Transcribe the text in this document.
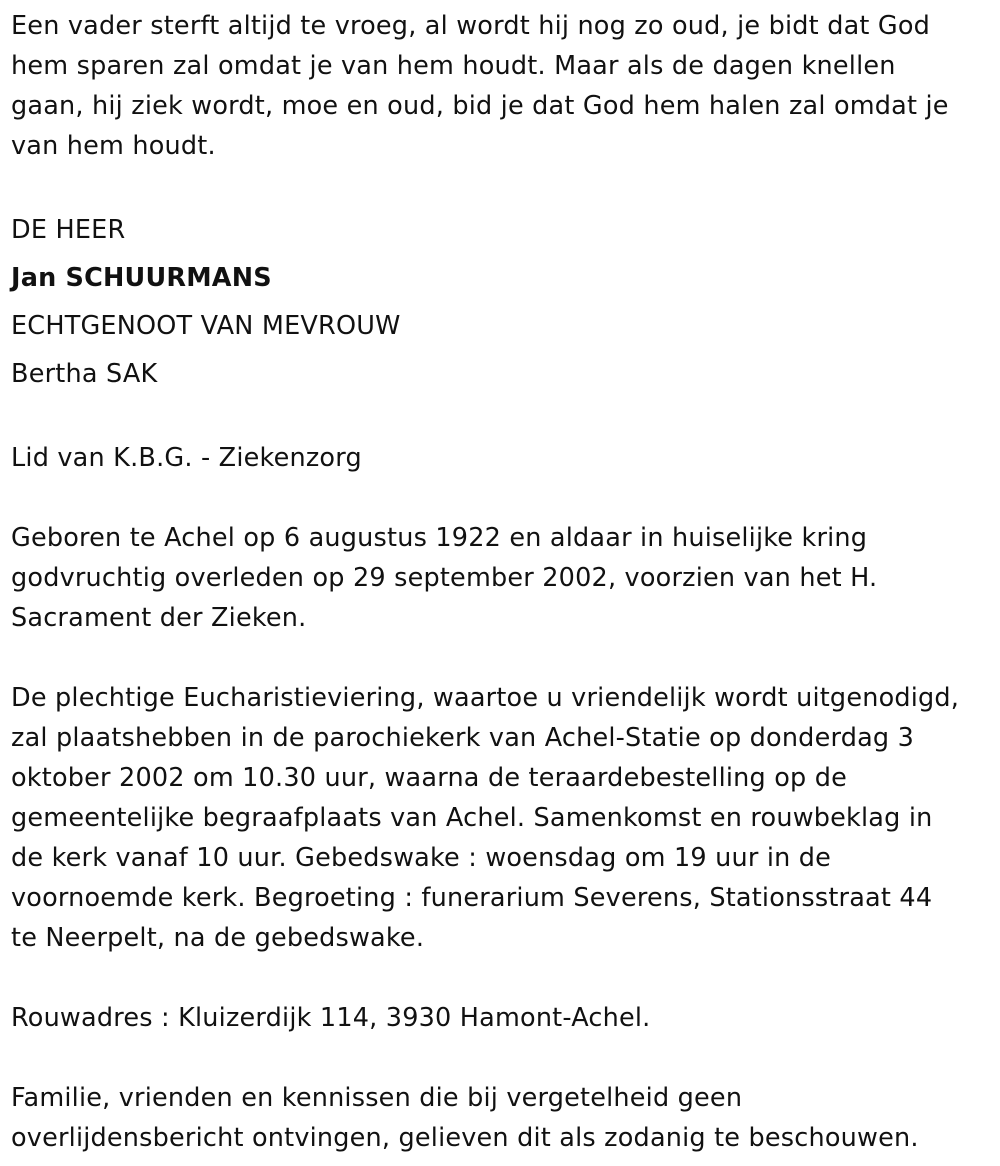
Een vader sterft altijd te vroeg, al wordt hij nog zo oud, je bidt dat God
hem sparen zal omdat je van hem houdt. Maar als de dagen knellen
gaan, hij ziek wordt, moe en oud, bid je dat God hem halen zal omdat je
van hem houdt.

DE HEER

Jan SCHUURMANS

ECHTGENOOT VAN MEVROUW

Bertha SAK

Lid van K.B.G. - Ziekenzorg

Geboren te Achel op 6 augustus 1922 en aldaar in huiselijke kring
godvruchtig overleden op 29 september 2002, voorzien van het H.
Sacrament der Zieken.

De plechtige Eucharistieviering, waartoe u vriendelijk wordt uitgenodigd,
zal plaatshebben in de parochiekerk van Achel-Statie op donderdag 3
oktober 2002 om 10.30 uur, waarna de teraardebestelling op de
gemeentelijke begraafplaats van Achel. Samenkomst en rouwbeklag in
de kerk vanaf 10 uur. Gebedswake : woensdag om 19 uur in de
voornoemde kerk. Begroeting : funerarium Severens, Stationsstraat 44
te Neerpelt, na de gebedswake.

Rouwadres : Kluizerdijk 114, 3930 Hamont-Achel.

Familie, vrienden en kennissen die bij vergetelheid geen
overlijdensbericht ontvingen, gelieven dit als zodanig te beschouwen.
